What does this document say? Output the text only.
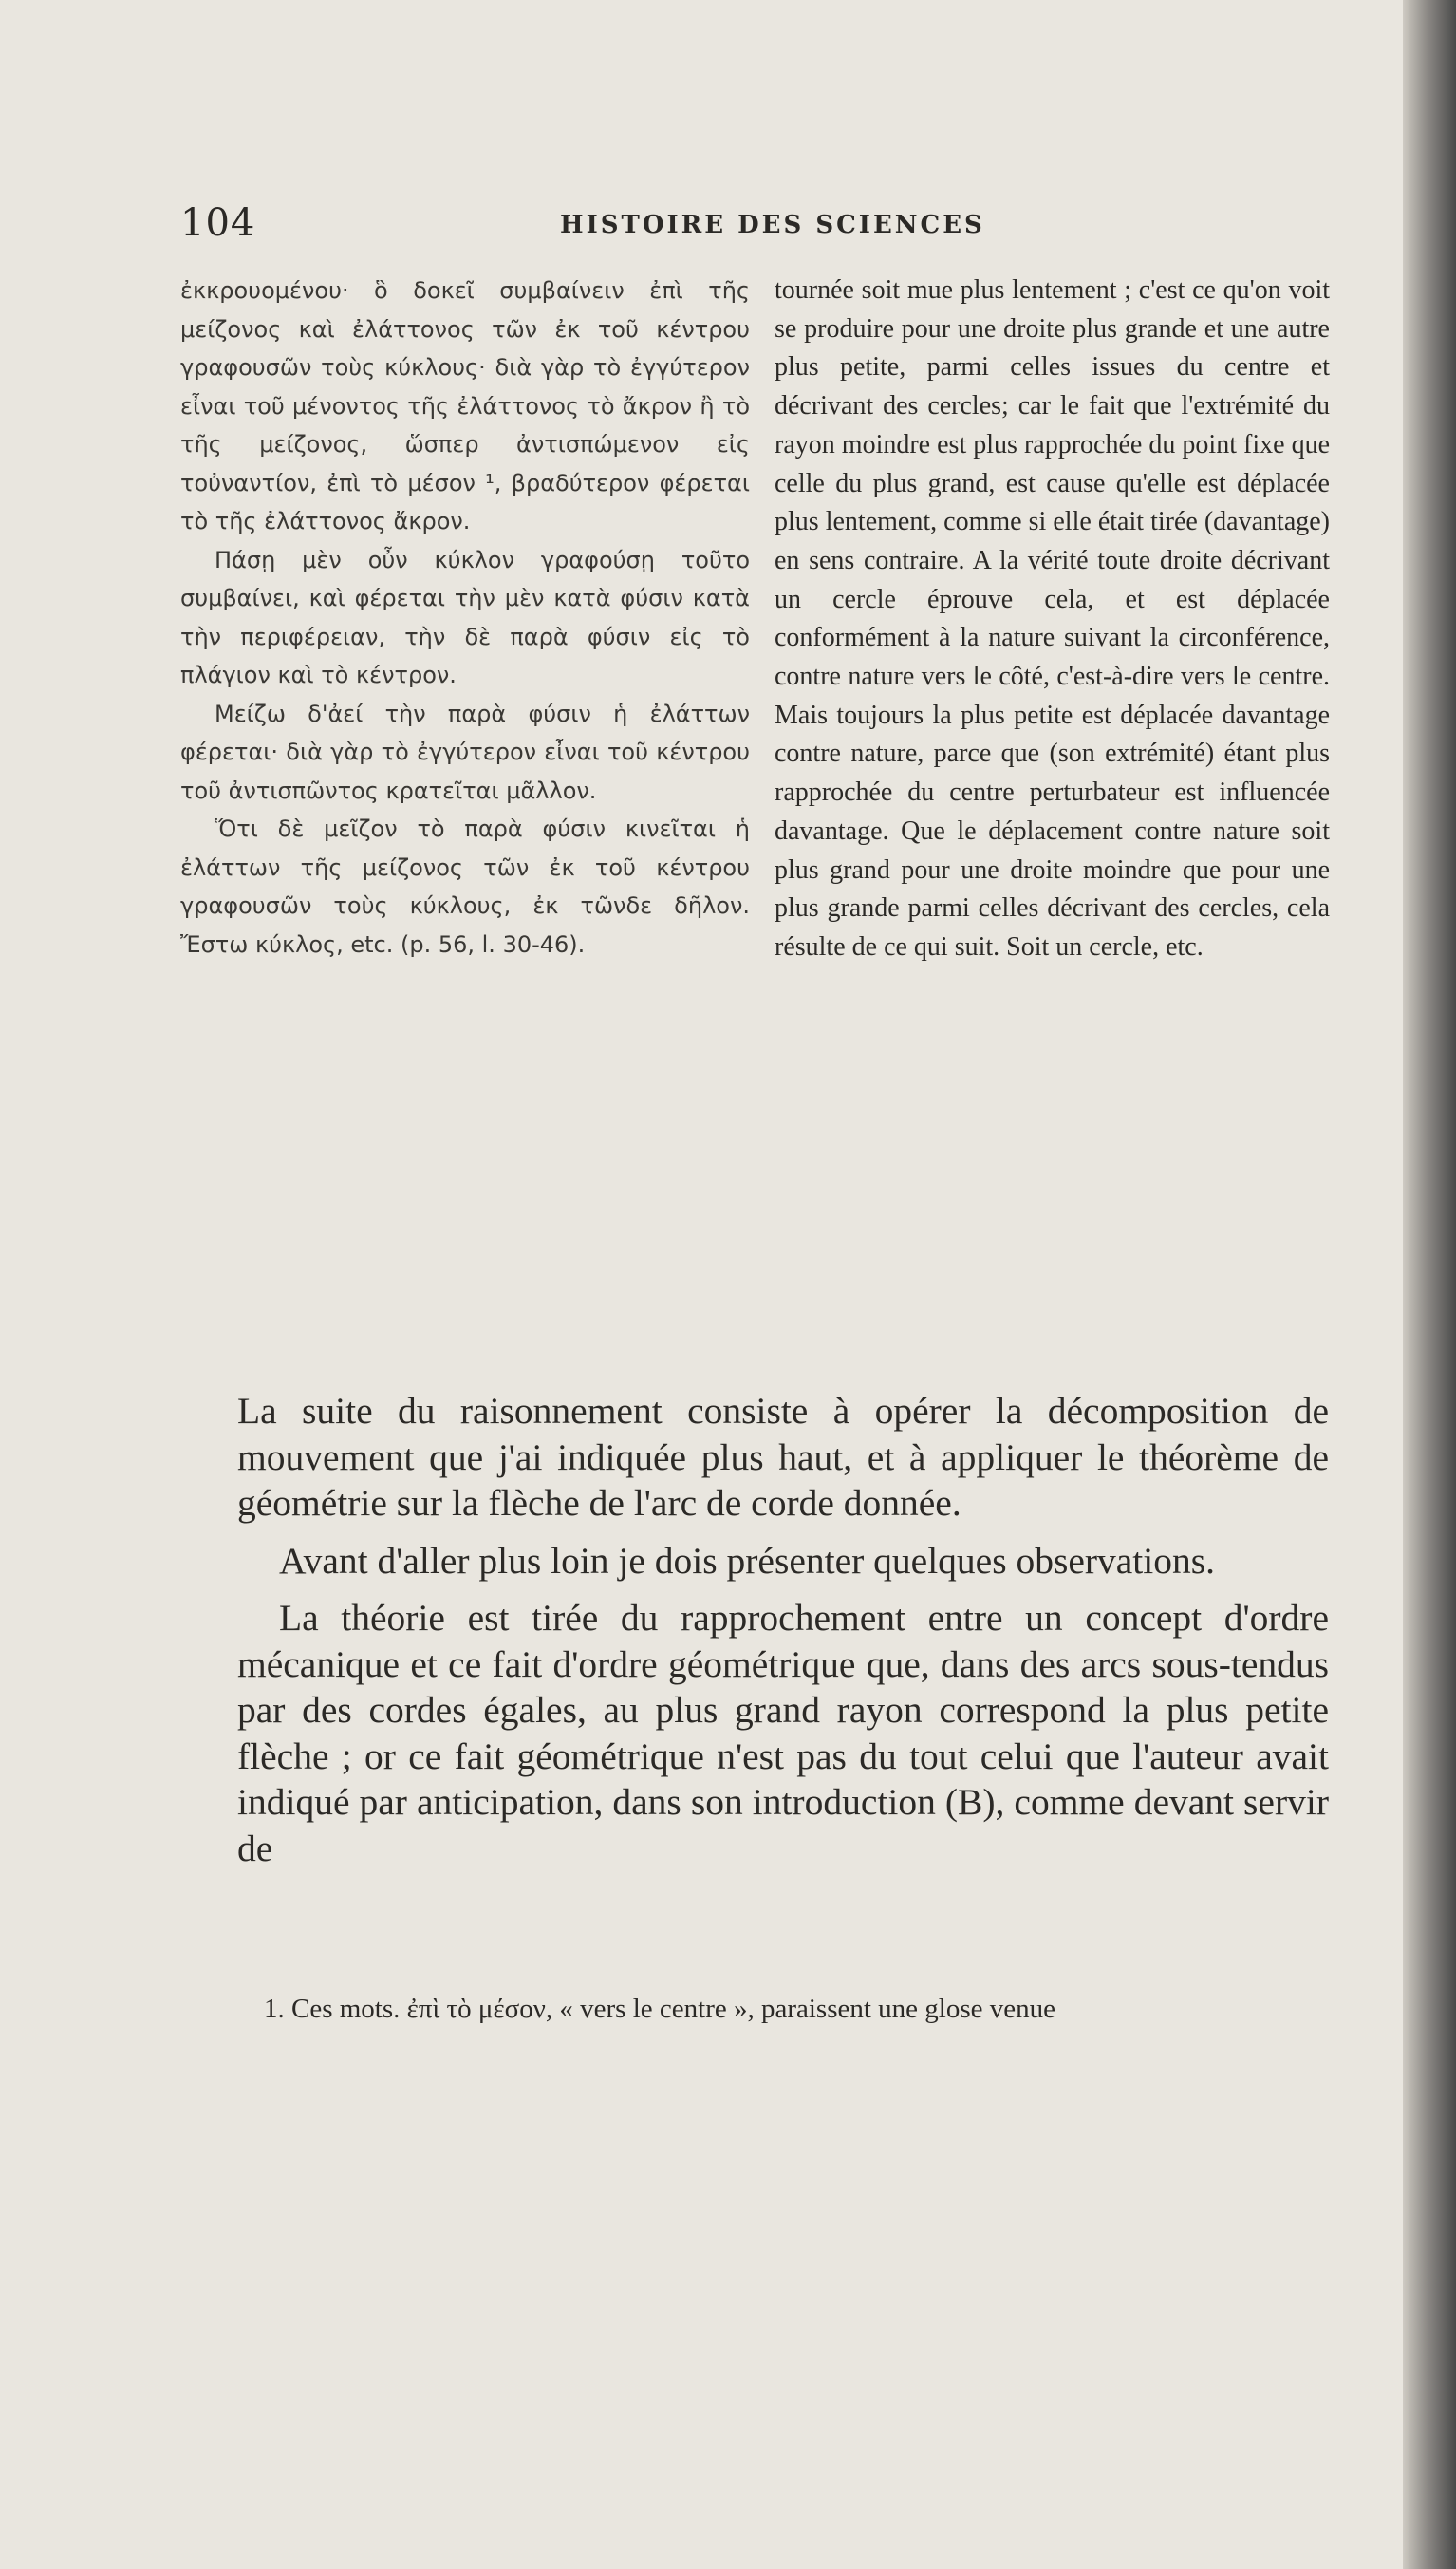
104	HISTOIRE DES SCIENCES

ἐκκρουομένου· ὃ δοκεῖ συμβαίνειν ἐπὶ τῆς μείζονος καὶ ἐλάττονος τῶν ἐκ τοῦ κέντρου γραφουσῶν τοὺς κύκλους· διὰ γὰρ τὸ ἐγγύτερον εἶναι τοῦ μένοντος τῆς ἐλάττονος τὸ ἄκρον ἢ τὸ τῆς μείζονος, ὥσπερ ἀντισπώμενον εἰς τοὐναντίον, ἐπὶ τὸ μέσον ¹, βραδύτερον φέρεται τὸ τῆς ἐλάττονος ἄκρον.

Πάσῃ μὲν οὖν κύκλον γραφούσῃ τοῦτο συμβαίνει, καὶ φέρεται τὴν μὲν κατὰ φύσιν κατὰ τὴν περιφέρειαν, τὴν δὲ παρὰ φύσιν εἰς τὸ πλάγιον καὶ τὸ κέντρον.

Μείζω δ'ἀεί τὴν παρὰ φύσιν ἡ ἐλάττων φέρεται· διὰ γὰρ τὸ ἐγγύτερον εἶναι τοῦ κέντρου τοῦ ἀντισπῶντος κρατεῖται μᾶλλον.

Ὅτι δὲ μεῖζον τὸ παρὰ φύσιν κινεῖται ἡ ἐλάττων τῆς μείζονος τῶν ἐκ τοῦ κέντρου γραφουσῶν τοὺς κύκλους, ἐκ τῶνδε δῆλον. Ἔστω κύκλος, etc. (p. 56, l. 30-46).

tournée soit mue plus lentement ; c'est ce qu'on voit se produire pour une droite plus grande et une autre plus petite, parmi celles issues du centre et décrivant des cercles; car le fait que l'extrémité du rayon moindre est plus rapprochée du point fixe que celle du plus grand, est cause qu'elle est déplacée plus lentement, comme si elle était tirée (davantage) en sens contraire. A la vérité toute droite décrivant un cercle éprouve cela, et est déplacée conformément à la nature suivant la circonférence, contre nature vers le côté, c'est-à-dire vers le centre. Mais toujours la plus petite est déplacée davantage contre nature, parce que (son extrémité) étant plus rapprochée du centre perturbateur est influencée davantage. Que le déplacement contre nature soit plus grand pour une droite moindre que pour une plus grande parmi celles décrivant des cercles, cela résulte de ce qui suit. Soit un cercle, etc.

La suite du raisonnement consiste à opérer la décomposition de mouvement que j'ai indiquée plus haut, et à appliquer le théorème de géométrie sur la flèche de l'arc de corde donnée.

Avant d'aller plus loin je dois présenter quelques observations.

La théorie est tirée du rapprochement entre un concept d'ordre mécanique et ce fait d'ordre géométrique que, dans des arcs sous-tendus par des cordes égales, au plus grand rayon correspond la plus petite flèche ; or ce fait géométrique n'est pas du tout celui que l'auteur avait indiqué par anticipation, dans son introduction (B), comme devant servir de

1. Ces mots. ἐπὶ τὸ μέσον, « vers le centre », paraissent une glose venue
